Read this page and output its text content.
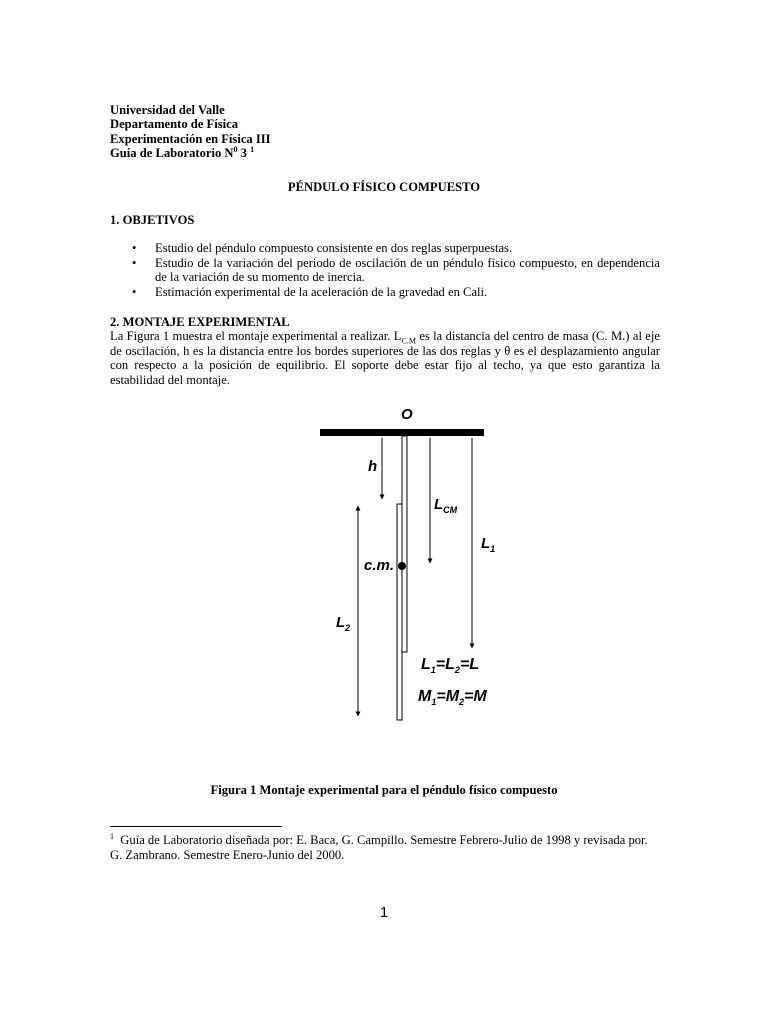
Universidad del Valle
Departamento de Física
Experimentación en Física III
Guía de Laboratorio $N^0$ 3 $^1$
PÉNDULO FÍSICO COMPUESTO
1. OBJETIVOS
• Estudio del péndulo compuesto consistente en dos reglas superpuestas.
• Estudio de la variación del periodo de oscilación de un péndulo físico compuesto, en dependencia de la variación de su momento de inercia.
• Estimación experimental de la aceleración de la gravedad en Cali.
2. MONTAJE EXPERIMENTAL
La Figura 1 muestra el montaje experimental a realizar. $L_{C.M}$ es la distancia del centro de masa (C. M.) al eje de oscilación, h es la distancia entre los bordes superiores de las dos reglas y θ es el desplazamiento angular con respecto a la posición de equilibrio. El soporte debe estar fijo al techo, ya que esto garantiza la estabilidad del montaje.
O
h
$L_{CM}$
$L_1$
c.m.
$L_2$
$L_1=L_2=L$
$M_1=M_2=M$
Figura 1 Montaje experimental para el péndulo físico compuesto
$^1$ Guía de Laboratorio diseñada por: E. Baca, G. Campillo. Semestre Febrero-Julio de 1998 y revisada por. G. Zambrano. Semestre Enero-Junio del 2000.
1
